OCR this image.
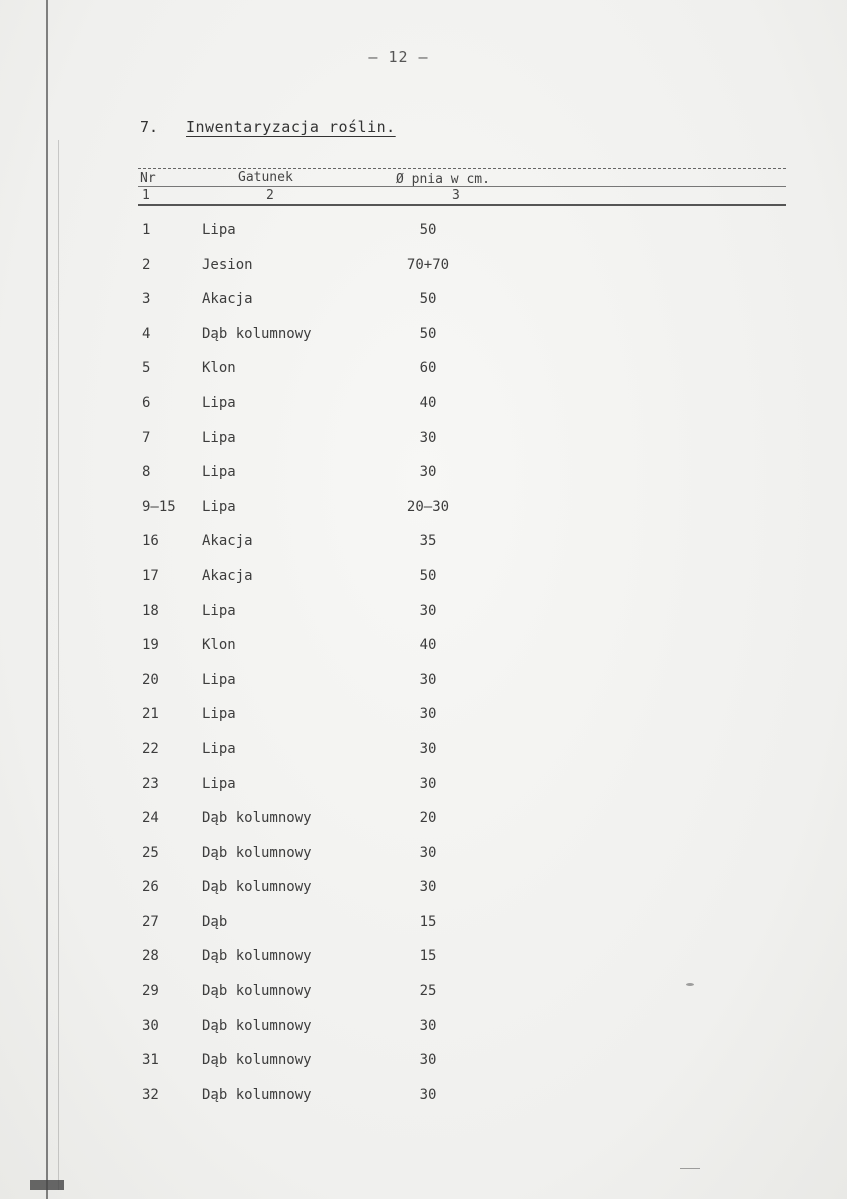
– 12 –
7. Inwentaryzacja roślin.
Nr	Gatunek	Ø pnia w cm.
1	2	3
1	Lipa	50
2	Jesion	70+70
3	Akacja	50
4	Dąb kolumnowy	50
5	Klon	60
6	Lipa	40
7	Lipa	30
8	Lipa	30
9–15	Lipa	20–30
16	Akacja	35
17	Akacja	50
18	Lipa	30
19	Klon	40
20	Lipa	30
21	Lipa	30
22	Lipa	30
23	Lipa	30
24	Dąb kolumnowy	20
25	Dąb kolumnowy	30
26	Dąb kolumnowy	30
27	Dąb	15
28	Dąb kolumnowy	15
29	Dąb kolumnowy	25
30	Dąb kolumnowy	30
31	Dąb kolumnowy	30
32	Dąb kolumnowy	30
